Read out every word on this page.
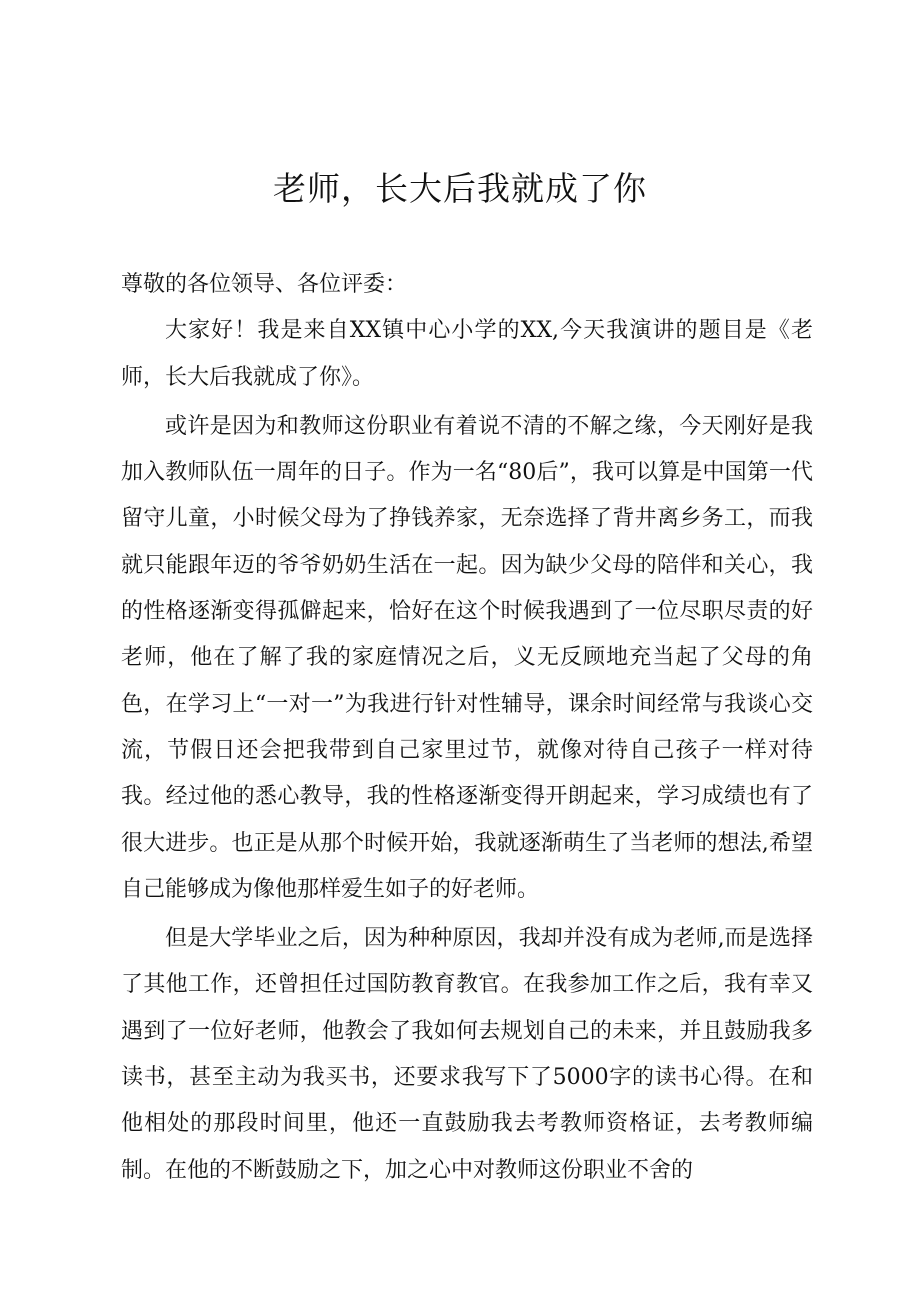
老师，长大后我就成了你

尊敬的各位领导、各位评委：

大家好！我是来自XX镇中心小学的XX,今天我演讲的题目是《老师，长大后我就成了你》。

或许是因为和教师这份职业有着说不清的不解之缘，今天刚好是我加入教师队伍一周年的日子。作为一名“80后”，我可以算是中国第一代留守儿童，小时候父母为了挣钱养家，无奈选择了背井离乡务工，而我就只能跟年迈的爷爷奶奶生活在一起。因为缺少父母的陪伴和关心，我的性格逐渐变得孤僻起来，恰好在这个时候我遇到了一位尽职尽责的好老师，他在了解了我的家庭情况之后，义无反顾地充当起了父母的角色，在学习上“一对一”为我进行针对性辅导，课余时间经常与我谈心交流，节假日还会把我带到自己家里过节，就像对待自己孩子一样对待我。经过他的悉心教导，我的性格逐渐变得开朗起来，学习成绩也有了很大进步。也正是从那个时候开始，我就逐渐萌生了当老师的想法,希望自己能够成为像他那样爱生如子的好老师。

但是大学毕业之后，因为种种原因，我却并没有成为老师,而是选择了其他工作，还曾担任过国防教育教官。在我参加工作之后，我有幸又遇到了一位好老师，他教会了我如何去规划自己的未来，并且鼓励我多读书，甚至主动为我买书，还要求我写下了5000字的读书心得。在和他相处的那段时间里，他还一直鼓励我去考教师资格证，去考教师编制。在他的不断鼓励之下，加之心中对教师这份职业不舍的
